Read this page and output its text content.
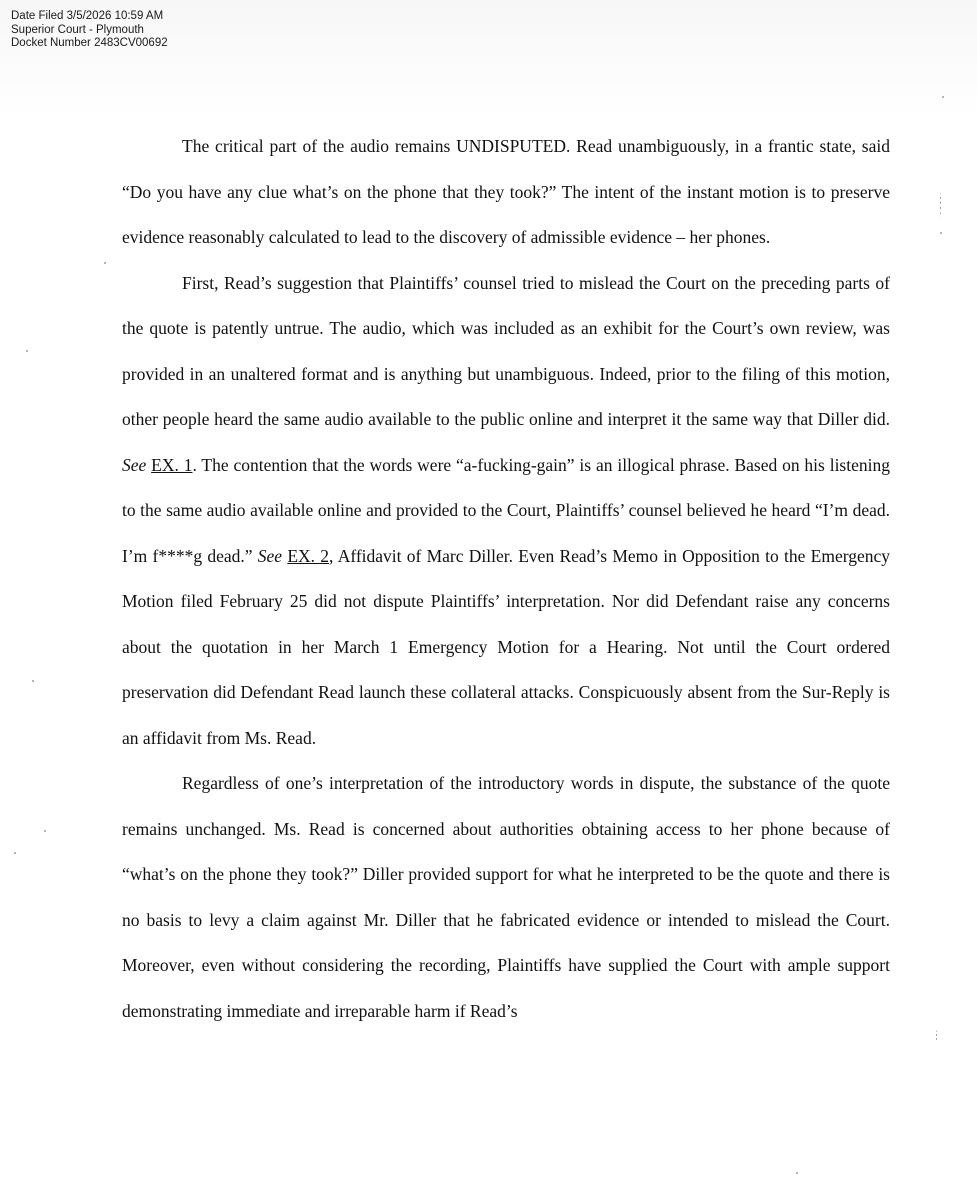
Date Filed 3/5/2026 10:59 AM
Superior Court - Plymouth
Docket Number 2483CV00692

The critical part of the audio remains UNDISPUTED. Read unambiguously, in a frantic state, said “Do you have any clue what’s on the phone that they took?” The intent of the instant motion is to preserve evidence reasonably calculated to lead to the discovery of admissible evidence – her phones.

First, Read’s suggestion that Plaintiffs’ counsel tried to mislead the Court on the preceding parts of the quote is patently untrue. The audio, which was included as an exhibit for the Court’s own review, was provided in an unaltered format and is anything but unambiguous. Indeed, prior to the filing of this motion, other people heard the same audio available to the public online and interpret it the same way that Diller did. See EX. 1. The contention that the words were “a-fucking-gain” is an illogical phrase. Based on his listening to the same audio available online and provided to the Court, Plaintiffs’ counsel believed he heard “I’m dead. I’m f****g dead.” See EX. 2, Affidavit of Marc Diller. Even Read’s Memo in Opposition to the Emergency Motion filed February 25 did not dispute Plaintiffs’ interpretation. Nor did Defendant raise any concerns about the quotation in her March 1 Emergency Motion for a Hearing. Not until the Court ordered preservation did Defendant Read launch these collateral attacks. Conspicuously absent from the Sur-Reply is an affidavit from Ms. Read.

Regardless of one’s interpretation of the introductory words in dispute, the substance of the quote remains unchanged. Ms. Read is concerned about authorities obtaining access to her phone because of “what’s on the phone they took?” Diller provided support for what he interpreted to be the quote and there is no basis to levy a claim against Mr. Diller that he fabricated evidence or intended to mislead the Court. Moreover, even without considering the recording, Plaintiffs have supplied the Court with ample support demonstrating immediate and irreparable harm if Read’s
